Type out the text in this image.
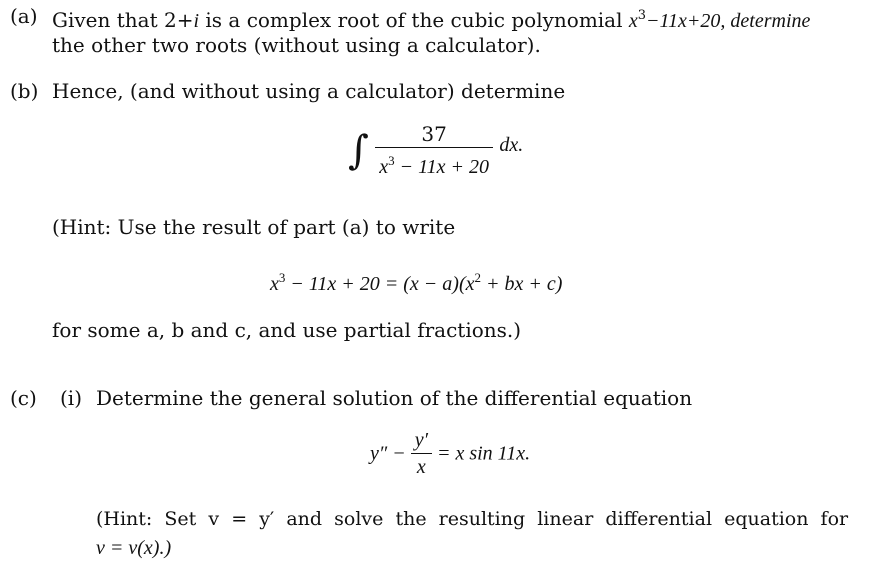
(a) Given that 2+i is a complex root of the cubic polynomial $x^3-11x+20$, determine
the other two roots (without using a calculator).
(b) Hence, (and without using a calculator) determine
∫ $\frac{37}{x^3 - 11x + 20}$ dx.
(Hint: Use the result of part (a) to write
$x^3 - 11x + 20 = (x - a)(x^2$ + bx + c)
for some a, b and c, and use partial fractions.)
(c) (i) Determine the general solution of the differential equation
$y'' - \frac{y'}{x} = x$ sin 11x.
(Hint:  Set  v  =  y′  and  solve  the  resulting  linear  differential  equation  for
v = v(x).)
